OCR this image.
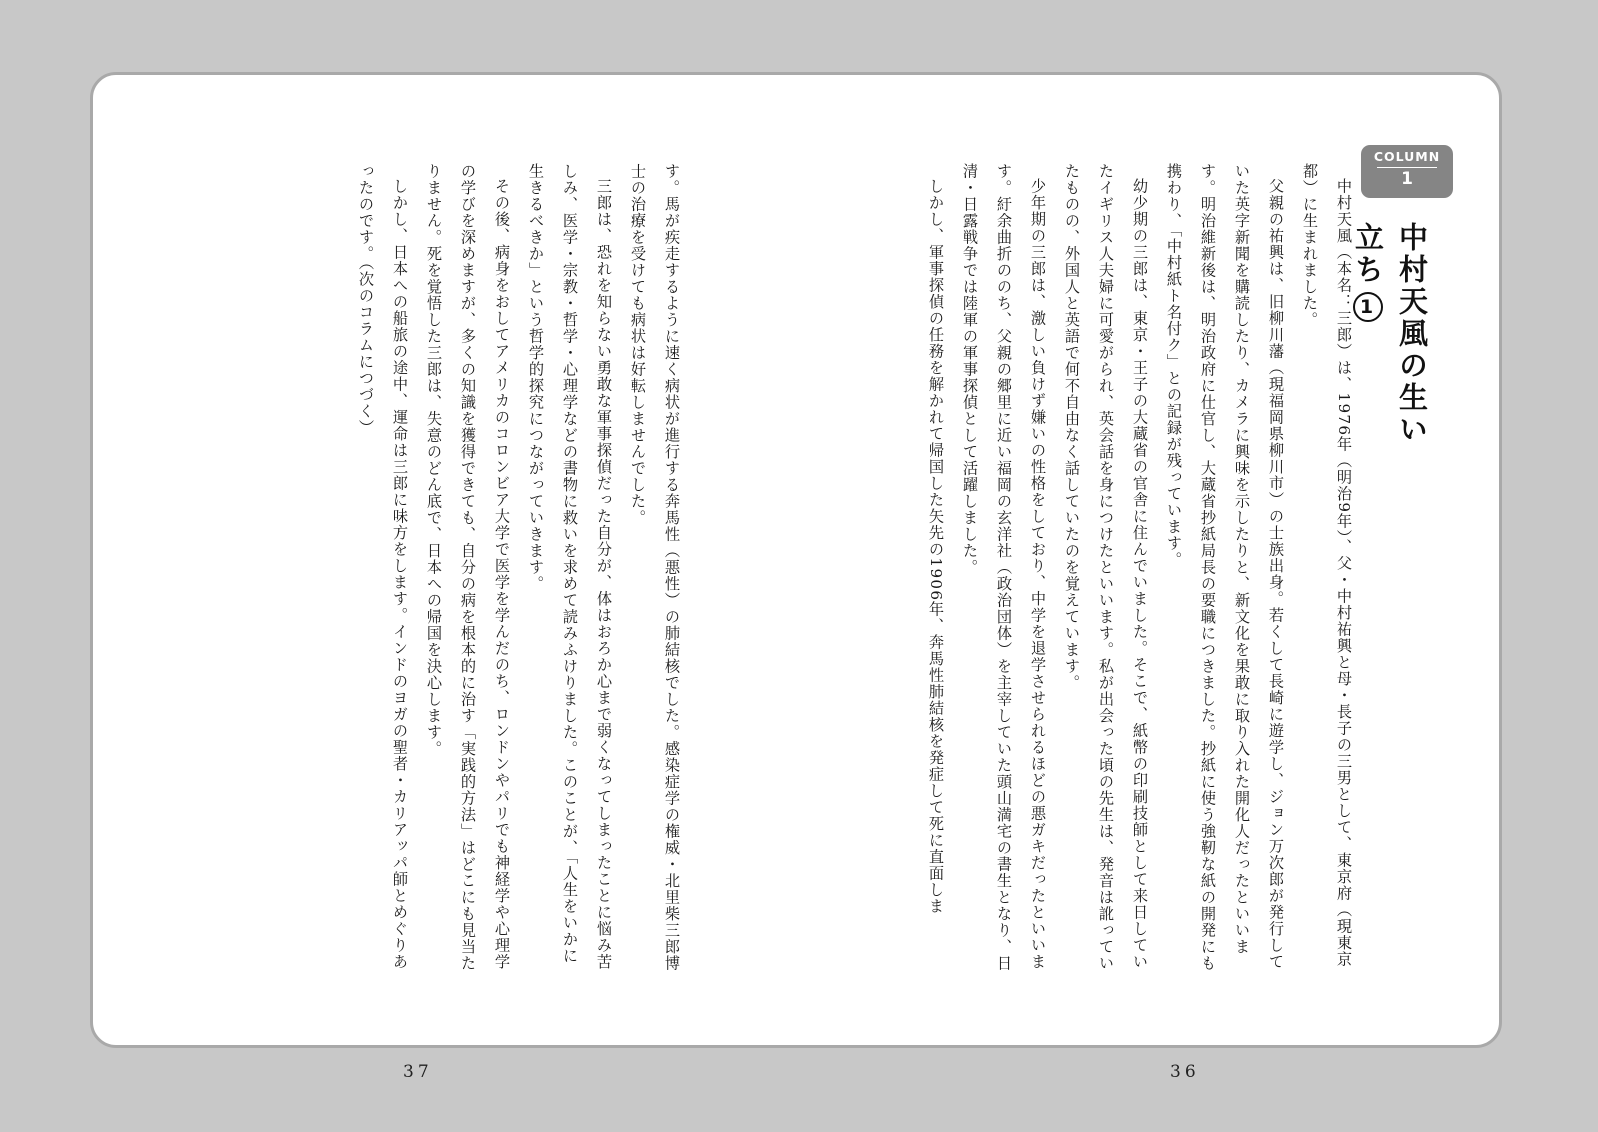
COLUMN
1
中村天風の生い立ち1

中村天風（本名：三郎）は、1976年（明治9年）、父・中村祐興と母・長子の三男として、東京府（現東京都）に生まれました。

父親の祐興は、旧柳川藩（現福岡県柳川市）の士族出身。若くして長崎に遊学し、ジョン万次郎が発行していた英字新聞を購読したり、カメラに興味を示したりと、新文化を果敢に取り入れた開化人だったといいます。明治維新後は、明治政府に仕官し、大蔵省抄紙局長の要職につきました。抄紙に使う強靭な紙の開発にも携わり、「中村紙ト名付ク」との記録が残っています。

幼少期の三郎は、東京・王子の大蔵省の官舎に住んでいました。そこで、紙幣の印刷技師として来日していたイギリス人夫婦に可愛がられ、英会話を身につけたといいます。私が出会った頃の先生は、発音は訛っていたものの、外国人と英語で何不自由なく話していたのを覚えています。

少年期の三郎は、激しい負けず嫌いの性格をしており、中学を退学させられるほどの悪ガキだったといいます。紆余曲折ののち、父親の郷里に近い福岡の玄洋社（政治団体）を主宰していた頭山満宅の書生となり、日清・日露戦争では陸軍の軍事探偵として活躍しました。

しかし、軍事探偵の任務を解かれて帰国した矢先の1906年、奔馬性肺結核を発症して死に直面しま

す。馬が疾走するように速く病状が進行する奔馬性（悪性）の肺結核でした。感染症学の権威・北里柴三郎博士の治療を受けても病状は好転しませんでした。

三郎は、恐れを知らない勇敢な軍事探偵だった自分が、体はおろか心まで弱くなってしまったことに悩み苦しみ、医学・宗教・哲学・心理学などの書物に救いを求めて読みふけりました。このことが、「人生をいかに生きるべきか」という哲学的探究につながっていきます。

その後、病身をおしてアメリカのコロンビア大学で医学を学んだのち、ロンドンやパリでも神経学や心理学の学びを深めますが、多くの知識を獲得できても、自分の病を根本的に治す「実践的方法」はどこにも見当たりません。死を覚悟した三郎は、失意のどん底で、日本への帰国を決心します。

しかし、日本への船旅の途中、運命は三郎に味方をします。インドのヨガの聖者・カリアッパ師とめぐりあったのです。（次のコラムにつづく）

37	36
